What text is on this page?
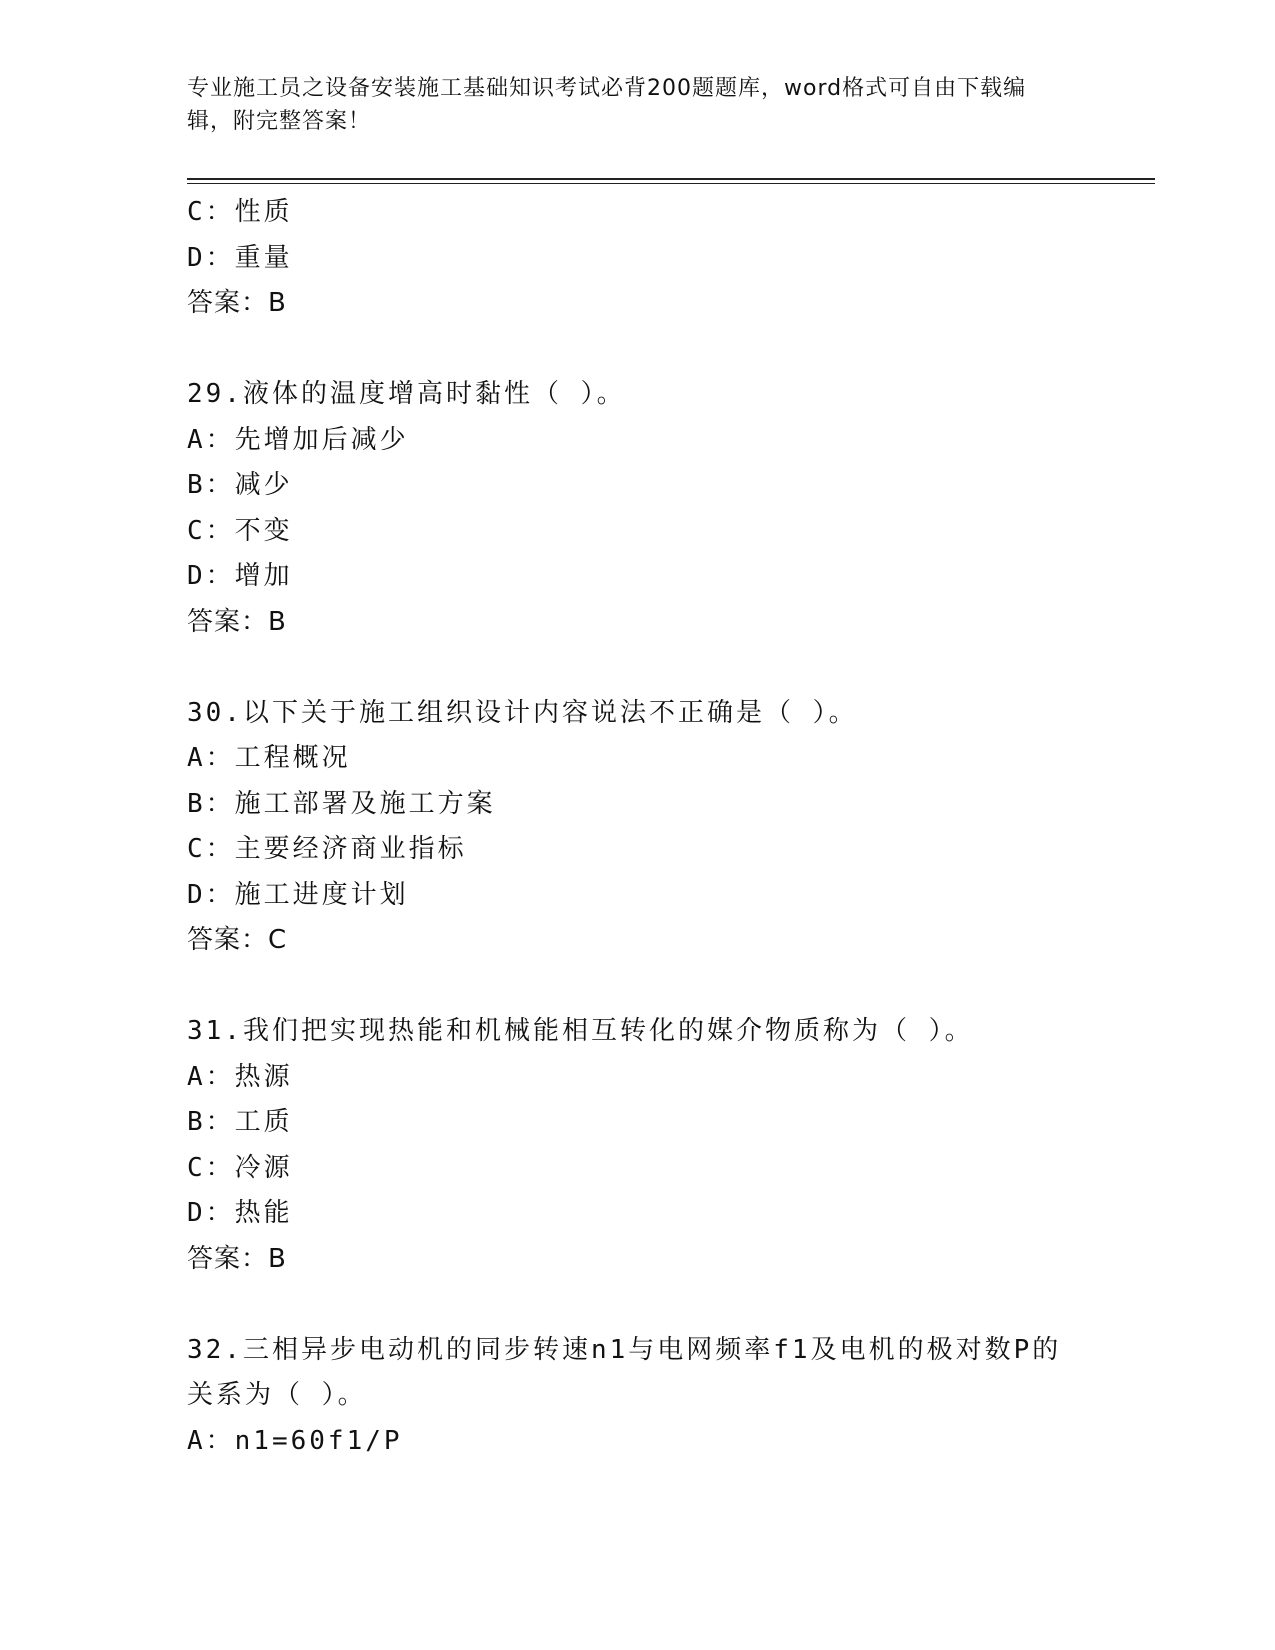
专业施工员之设备安装施工基础知识考试必背200题题库，word格式可自由下载编辑，附完整答案！
C：性质
D：重量
答案：B
29.液体的温度增高时黏性（ ）。
A：先增加后减少
B：减少
C：不变
D：增加
答案：B
30.以下关于施工组织设计内容说法不正确是（ ）。
A：工程概况
B：施工部署及施工方案
C：主要经济商业指标
D：施工进度计划
答案：C
31.我们把实现热能和机械能相互转化的媒介物质称为（ ）。
A：热源
B：工质
C：冷源
D：热能
答案：B
32.三相异步电动机的同步转速n1与电网频率f1及电机的极对数P的关系为（ ）。
A：n1=60f1/P
